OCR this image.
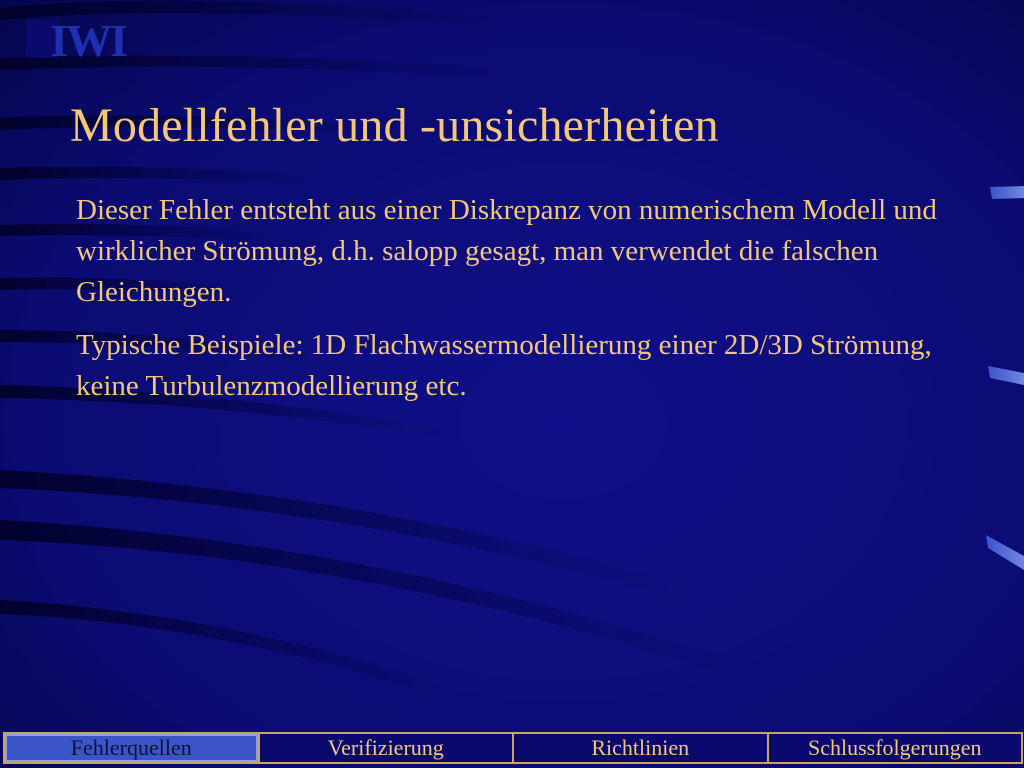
IWI
Modellfehler und -unsicherheiten

Dieser Fehler entsteht aus einer Diskrepanz von numerischem Modell und wirklicher Strömung, d.h. salopp gesagt, man verwendet die falschen Gleichungen.

Typische Beispiele: 1D Flachwassermodellierung einer 2D/3D Strömung, keine Turbulenzmodellierung etc.

Fehlerquellen	Verifizierung	Richtlinien	Schlussfolgerungen
